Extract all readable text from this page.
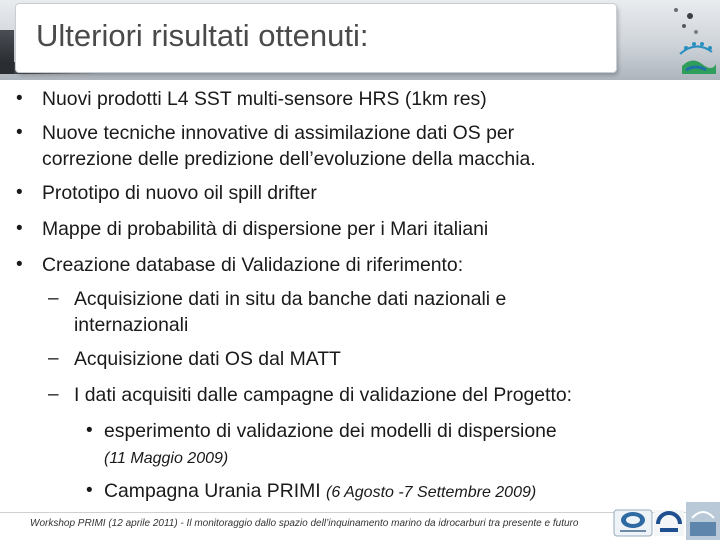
Ulteriori risultati ottenuti:
• Nuovi prodotti L4 SST multi-sensore HRS (1km res)
• Nuove tecniche innovative di assimilazione dati OS per
correzione delle predizione dell’evoluzione della macchia.
• Prototipo di nuovo oil spill drifter
• Mappe di probabilità di dispersione per i Mari italiani
• Creazione database di Validazione di riferimento:
– Acquisizione dati in situ da banche dati nazionali e
internazionali
– Acquisizione dati OS dal MATT
– I dati acquisiti dalle campagne di validazione del Progetto:
• esperimento di validazione dei modelli di dispersione
(11 Maggio 2009)
• Campagna Urania PRIMI (6 Agosto -7 Settembre 2009)
Workshop PRIMI (12 aprile 2011) - Il monitoraggio dallo spazio dell’inquinamento marino da idrocarburi tra presente e futuro
